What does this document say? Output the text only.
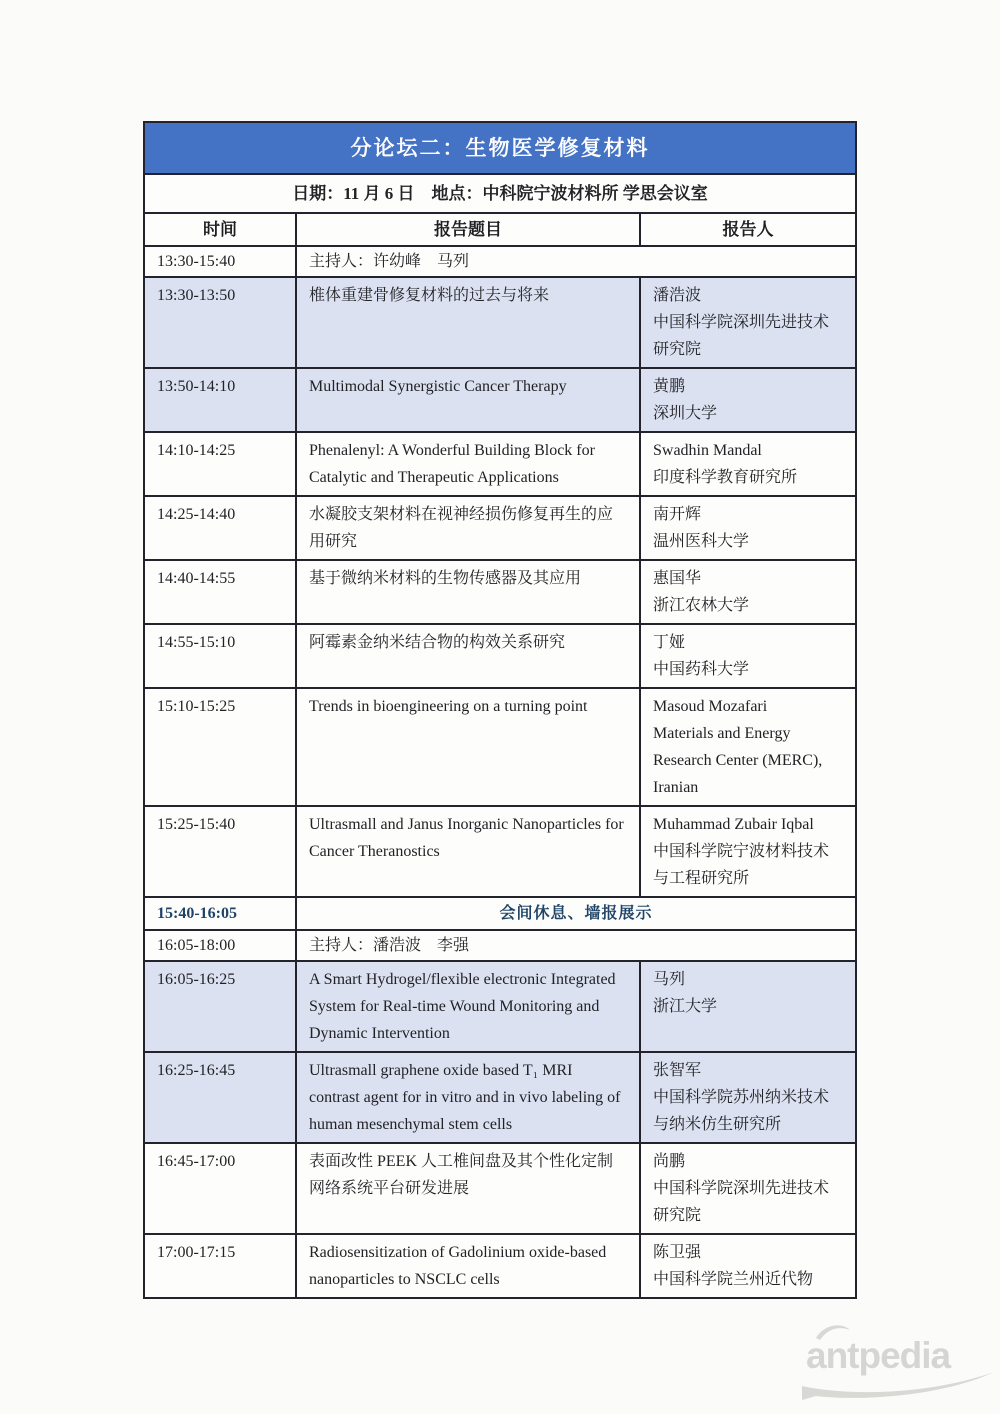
分论坛二：生物医学修复材料		
日期：11 月 6 日　地点：中科院宁波材料所 学思会议室		
时间	报告题目	报告人
13:30-15:40	主持人：许幼峰　马列	
13:30-13:50	椎体重建骨修复材料的过去与将来	潘浩波
中国科学院深圳先进技术研究院

13:50-14:10	Multimodal Synergistic Cancer Therapy	黄鹏
深圳大学

14:10-14:25	Phenalenyl: A Wonderful Building Block for Catalytic and Therapeutic Applications	Swadhin Mandal
印度科学教育研究所

14:25-14:40	水凝胶支架材料在视神经损伤修复再生的应用研究	南开辉
温州医科大学

14:40-14:55	基于微纳米材料的生物传感器及其应用	惠国华
浙江农林大学

14:55-15:10	阿霉素金纳米结合物的构效关系研究	丁娅
中国药科大学

15:10-15:25	Trends in bioengineering on a turning point	Masoud Mozafari
Materials and Energy Research Center (MERC), Iranian

15:25-15:40	Ultrasmall and Janus Inorganic Nanoparticles for Cancer Theranostics	Muhammad Zubair Iqbal
中国科学院宁波材料技术与工程研究所

15:40-16:05	会间休息、墙报展示	
16:05-18:00	主持人：潘浩波　李强	
16:05-16:25	A Smart Hydrogel/flexible electronic Integrated System for Real-time Wound Monitoring and Dynamic Intervention	马列
浙江大学

16:25-16:45	Ultrasmall graphene oxide based T₁ MRI contrast agent for in vitro and in vivo labeling of human mesenchymal stem cells	张智军
中国科学院苏州纳米技术与纳米仿生研究所

16:45-17:00	表面改性 PEEK 人工椎间盘及其个性化定制网络系统平台研发进展	尚鹏
中国科学院深圳先进技术研究院

17:00-17:15	Radiosensitization of Gadolinium oxide-based nanoparticles to NSCLC cells	陈卫强
中国科学院兰州近代物
antpedia
